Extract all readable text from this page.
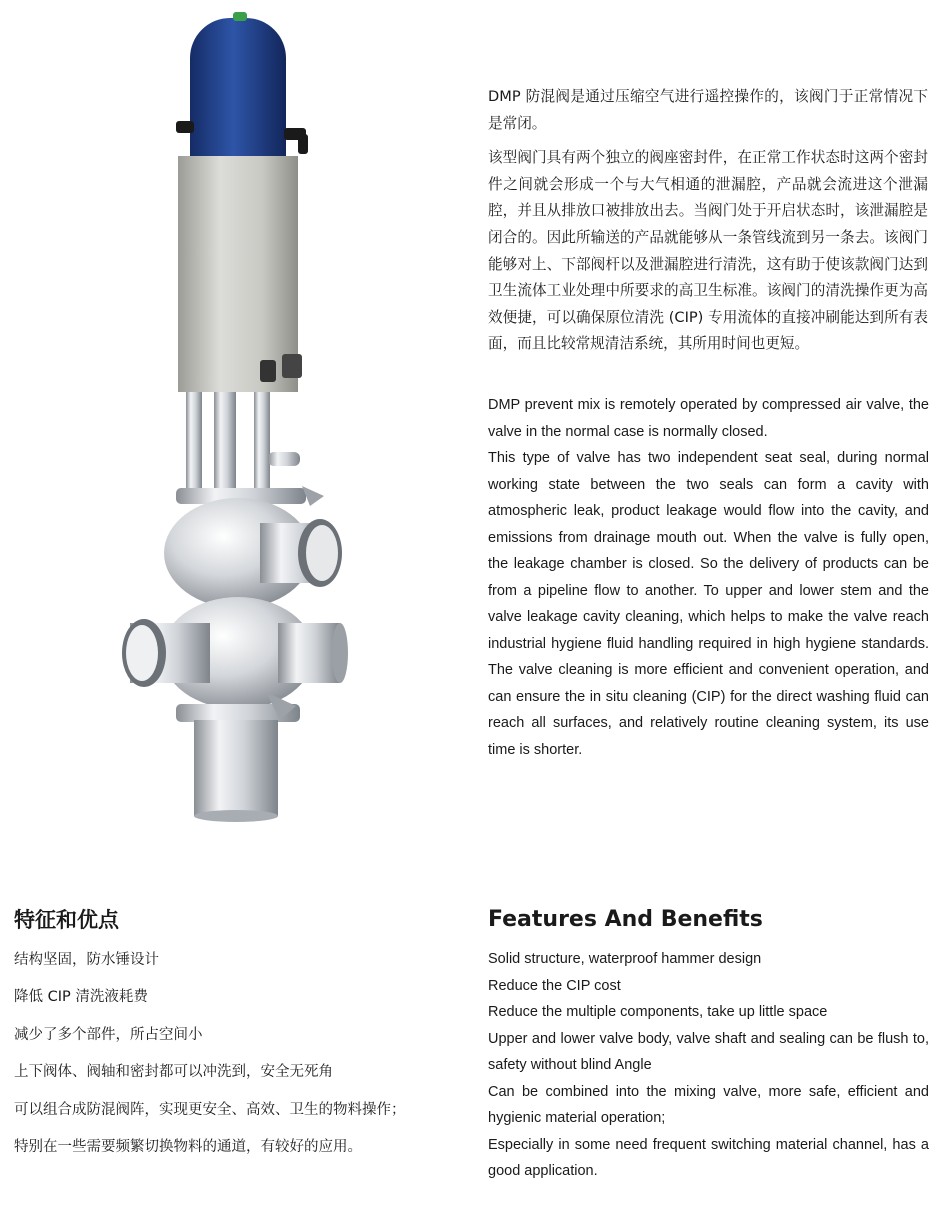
DMP 防混阀是通过压缩空气进行遥控操作的，该阀门于正常情况下是常闭。

该型阀门具有两个独立的阀座密封件，在正常工作状态时这两个密封件之间就会形成一个与大气相通的泄漏腔，产品就会流进这个泄漏腔，并且从排放口被排放出去。当阀门处于开启状态时，该泄漏腔是闭合的。因此所输送的产品就能够从一条管线流到另一条去。该阀门能够对上、下部阀杆以及泄漏腔进行清洗，这有助于使该款阀门达到卫生流体工业处理中所要求的高卫生标准。该阀门的清洗操作更为高效便捷，可以确保原位清洗 (CIP) 专用流体的直接冲刷能达到所有表面，而且比较常规清洁系统，其所用时间也更短。

DMP prevent mix is remotely operated by compressed air valve, the valve in the normal case is normally closed.

This type of valve has two independent seat seal, during normal working state between the two seals can form a cavity with atmospheric leak, product leakage would flow into the cavity, and emissions from drainage mouth out. When the valve is fully open, the leakage chamber is closed. So the delivery of products can be from a pipeline flow to another. To upper and lower stem and the valve leakage cavity cleaning, which helps to make the valve reach industrial hygiene fluid handling required in high hygiene standards. The valve cleaning is more efficient and convenient operation, and can ensure the in situ cleaning (CIP) for the direct washing fluid can reach all surfaces, and relatively routine cleaning system, its use time is shorter.

特征和优点
结构坚固，防水锤设计
降低 CIP 清洗液耗费
减少了多个部件，所占空间小
上下阀体、阀轴和密封都可以冲洗到，安全无死角
可以组合成防混阀阵，实现更安全、高效、卫生的物料操作；
特别在一些需要频繁切换物料的通道，有较好的应用。
Features And Benefits
Solid structure, waterproof hammer design
Reduce the CIP cost
Reduce the multiple components, take up little space
Upper and lower valve body, valve shaft and sealing can be flush to, safety without blind Angle
Can be combined into the mixing valve, more safe, efficient and hygienic material operation;
Especially in some need frequent switching material channel, has a good application.
